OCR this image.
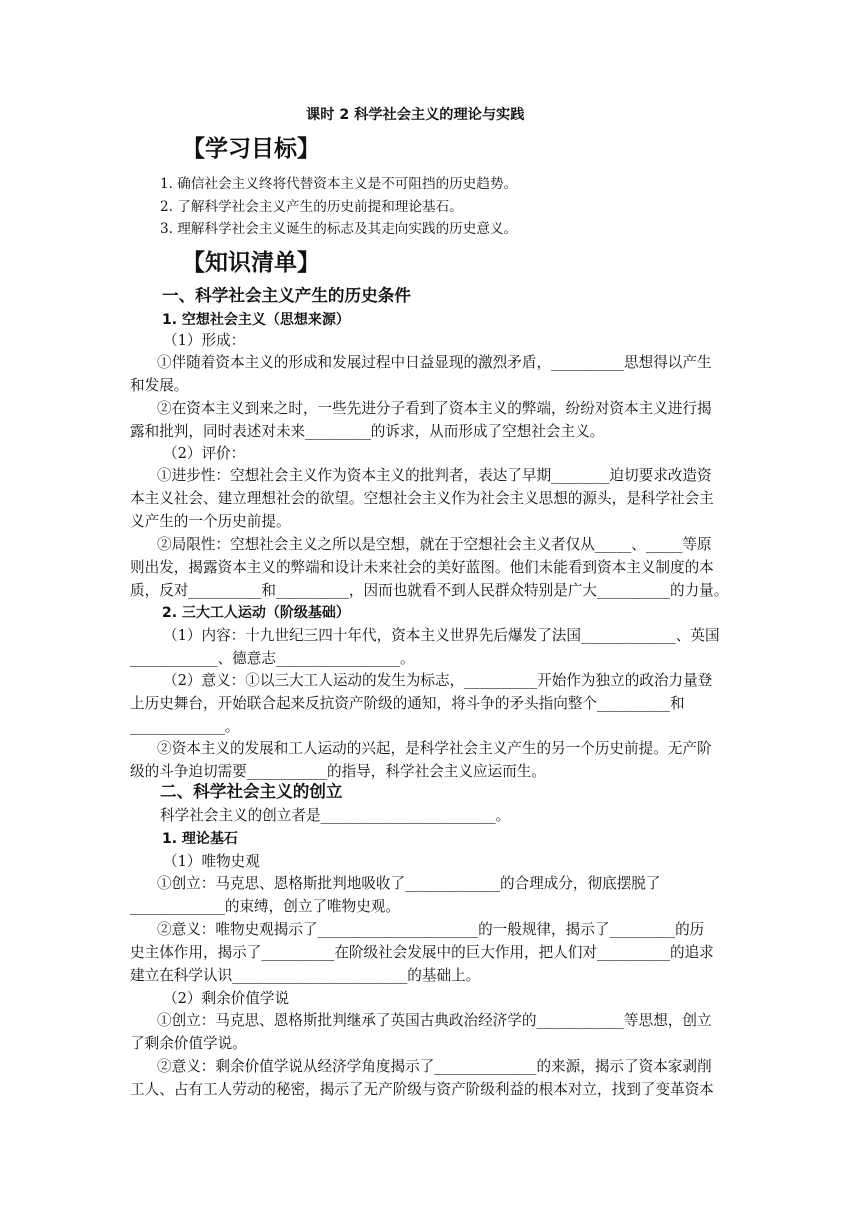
课时 2 科学社会主义的理论与实践
【学习目标】
1. 确信社会主义终将代替资本主义是不可阻挡的历史趋势。
2. 了解科学社会主义产生的历史前提和理论基石。
3. 理解科学社会主义诞生的标志及其走向实践的历史意义。
【知识清单】
一、科学社会主义产生的历史条件
1. 空想社会主义（思想来源）
（1）形成：
①伴随着资本主义的形成和发展过程中日益显现的激烈矛盾，__________思想得以产生
和发展。
②在资本主义到来之时，一些先进分子看到了资本主义的弊端，纷纷对资本主义进行揭
露和批判，同时表述对未来_________的诉求，从而形成了空想社会主义。
（2）评价：
①进步性：空想社会主义作为资本主义的批判者，表达了早期________迫切要求改造资
本主义社会、建立理想社会的欲望。空想社会主义作为社会主义思想的源头，是科学社会主
义产生的一个历史前提。
②局限性：空想社会主义之所以是空想，就在于空想社会主义者仅从_____、_____等原
则出发，揭露资本主义的弊端和设计未来社会的美好蓝图。他们未能看到资本主义制度的本
质，反对__________和__________，因而也就看不到人民群众特别是广大__________的力量。
2. 三大工人运动（阶级基础）
（1）内容：十九世纪三四十年代，资本主义世界先后爆发了法国_____________、英国
____________、德意志_________________。
（2）意义：①以三大工人运动的发生为标志，__________开始作为独立的政治力量登
上历史舞台，开始联合起来反抗资产阶级的通知，将斗争的矛头指向整个__________和
_____________。
②资本主义的发展和工人运动的兴起，是科学社会主义产生的另一个历史前提。无产阶
级的斗争迫切需要___________的指导，科学社会主义应运而生。
二、科学社会主义的创立
科学社会主义的创立者是________________________。
1. 理论基石
（1）唯物史观
①创立：马克思、恩格斯批判地吸收了_____________的合理成分，彻底摆脱了
_____________的束缚，创立了唯物史观。
②意义：唯物史观揭示了______________________的一般规律，揭示了_________的历
史主体作用，揭示了__________在阶级社会发展中的巨大作用，把人们对__________的追求
建立在科学认识________________________的基础上。
（2）剩余价值学说
①创立：马克思、恩格斯批判继承了英国古典政治经济学的____________等思想，创立
了剩余价值学说。
②意义：剩余价值学说从经济学角度揭示了______________的来源，揭示了资本家剥削
工人、占有工人劳动的秘密，揭示了无产阶级与资产阶级利益的根本对立，找到了变革资本
